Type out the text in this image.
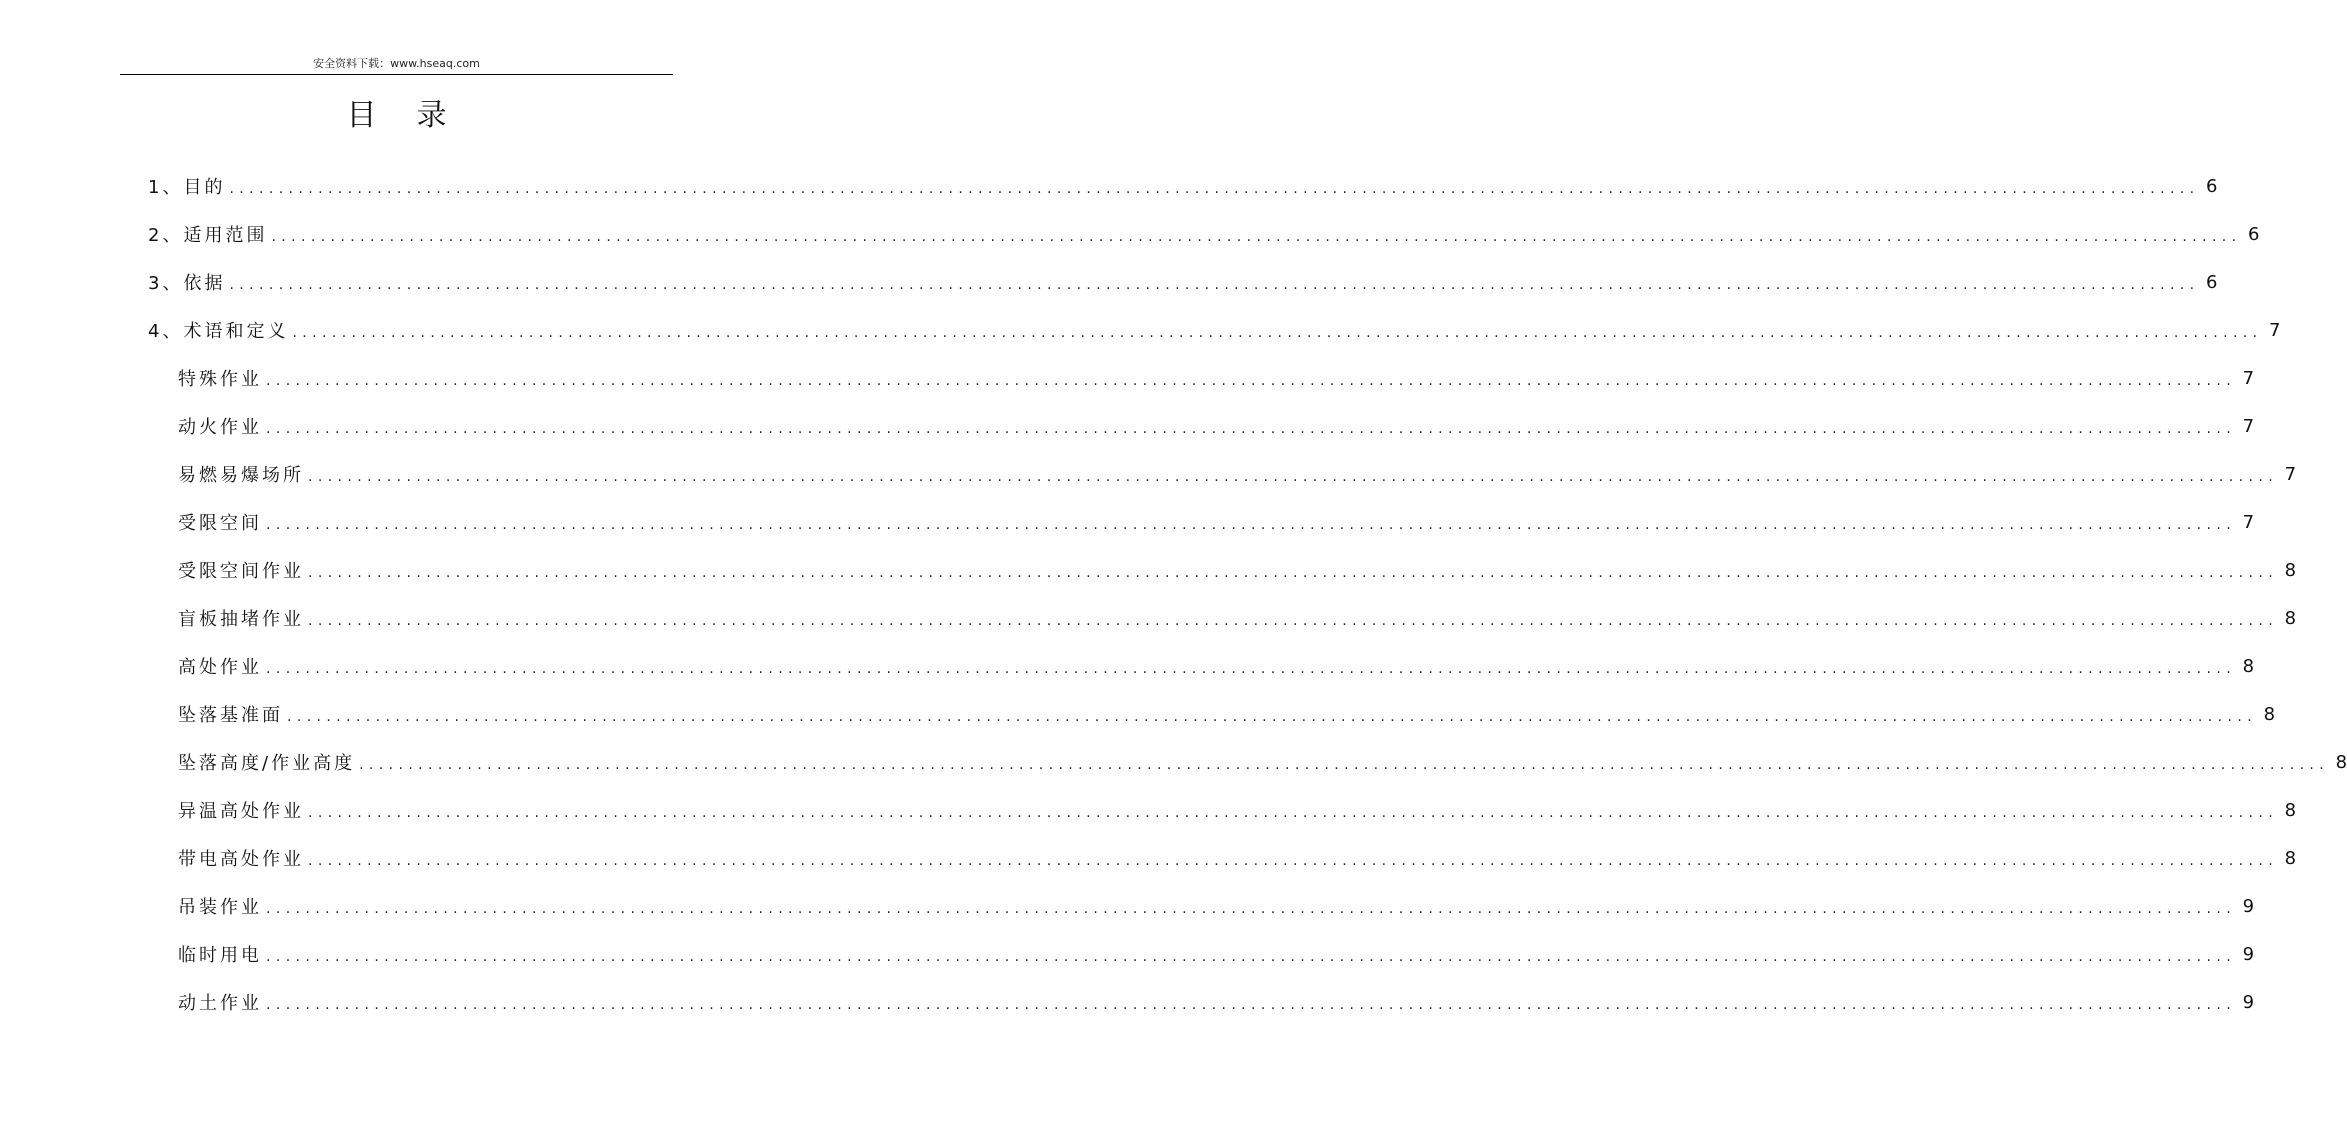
安全资料下载：www.hseaq.com
目录
1、目的 ........................................................................................................................................................................................................ 6
2、适用范围 ........................................................................................................................................................................................................ 6
3、依据 ........................................................................................................................................................................................................ 6
4、术语和定义 ........................................................................................................................................................................................................ 7
特殊作业 ........................................................................................................................................................................................................ 7
动火作业 ........................................................................................................................................................................................................ 7
易燃易爆场所 ........................................................................................................................................................................................................ 7
受限空间 ........................................................................................................................................................................................................ 7
受限空间作业 ........................................................................................................................................................................................................ 8
盲板抽堵作业 ........................................................................................................................................................................................................ 8
高处作业 ........................................................................................................................................................................................................ 8
坠落基准面 ........................................................................................................................................................................................................ 8
坠落高度/作业高度 ........................................................................................................................................................................................................ 8
异温高处作业 ........................................................................................................................................................................................................ 8
带电高处作业 ........................................................................................................................................................................................................ 8
吊装作业 ........................................................................................................................................................................................................ 9
临时用电 ........................................................................................................................................................................................................ 9
动土作业 ........................................................................................................................................................................................................ 9
